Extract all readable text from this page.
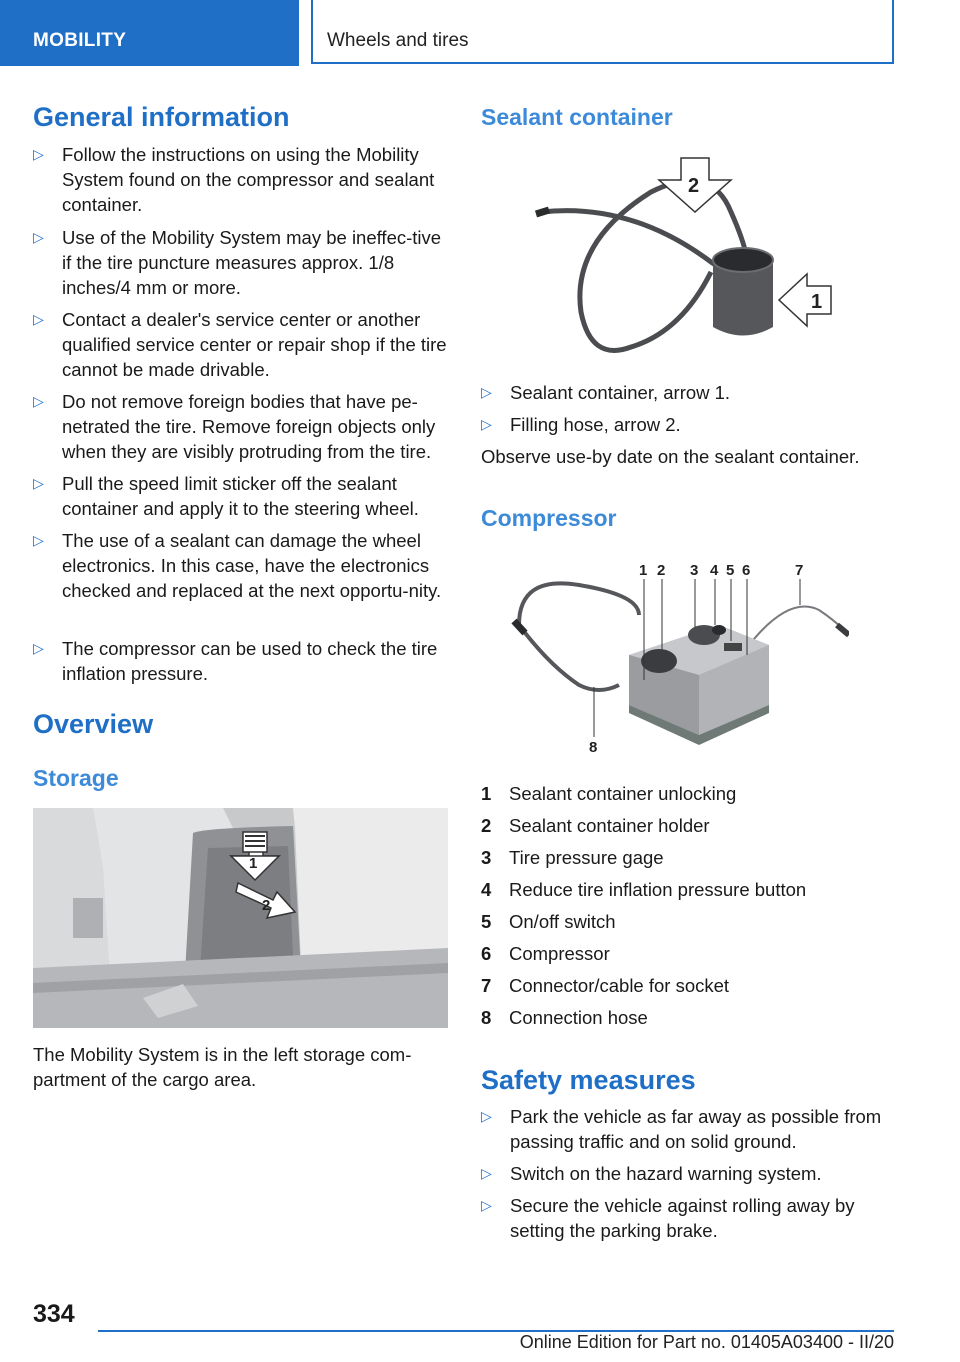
MOBILITY	Wheels and tires
General information
▷ Follow the instructions on using the Mobility System found on the compressor and sealant container.
▷ Use of the Mobility System may be ineffec-tive if the tire puncture measures approx. 1/8 inches/4 mm or more.
▷ Contact a dealer's service center or another qualified service center or repair shop if the tire cannot be made drivable.
▷ Do not remove foreign bodies that have pe-netrated the tire. Remove foreign objects only when they are visibly protruding from the tire.
▷ Pull the speed limit sticker off the sealant container and apply it to the steering wheel.
▷ The use of a sealant can damage the wheel electronics. In this case, have the electronics checked and replaced at the next opportu-nity.
▷ The compressor can be used to check the tire inflation pressure.
Overview
Storage
1
2
The Mobility System is in the left storage com-partment of the cargo area.
Sealant container
2
1
▷ Sealant container, arrow 1.
▷ Filling hose, arrow 2.
Observe use-by date on the sealant container.
Compressor
1 2 3 4 5 6	7
8
1 Sealant container unlocking
2 Sealant container holder
3 Tire pressure gage
4 Reduce tire inflation pressure button
5 On/off switch
6 Compressor
7 Connector/cable for socket
8 Connection hose
Safety measures
▷ Park the vehicle as far away as possible from passing traffic and on solid ground.
▷ Switch on the hazard warning system.
▷ Secure the vehicle against rolling away by setting the parking brake.
334
Online Edition for Part no. 01405A03400 - II/20
